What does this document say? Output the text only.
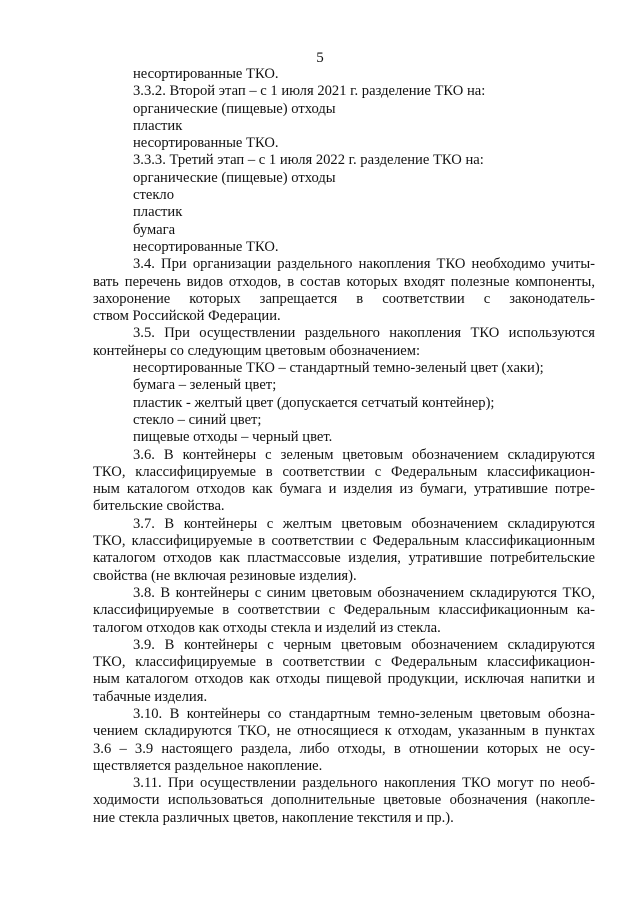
5
несортированные ТКО.
3.3.2. Второй этап – с 1 июля 2021 г. разделение ТКО на:
органические (пищевые) отходы
пластик
несортированные ТКО.
3.3.3. Третий этап – с 1 июля 2022 г. разделение ТКО на:
органические (пищевые) отходы
стекло
пластик
бумага
несортированные ТКО.
3.4. При организации раздельного накопления ТКО необходимо учиты-
вать перечень видов отходов, в состав которых входят полезные компоненты,
захоронение которых запрещается в соответствии с законодатель-
ством Российской Федерации.
3.5. При осуществлении раздельного накопления ТКО используются
контейнеры со следующим цветовым обозначением:
несортированные ТКО – стандартный темно-зеленый цвет (хаки);
бумага – зеленый цвет;
пластик - желтый цвет (допускается сетчатый контейнер);
стекло – синий цвет;
пищевые отходы – черный цвет.
3.6. В контейнеры с зеленым цветовым обозначением складируются
ТКО, классифицируемые в соответствии с Федеральным классификацион-
ным каталогом отходов как бумага и изделия из бумаги, утратившие потре-
бительские свойства.
3.7. В контейнеры с желтым цветовым обозначением складируются
ТКО, классифицируемые в соответствии с Федеральным классификационным
каталогом отходов как пластмассовые изделия, утратившие потребительские
свойства (не включая резиновые изделия).
3.8. В контейнеры с синим цветовым обозначением складируются ТКО,
классифицируемые в соответствии с Федеральным классификационным ка-
талогом отходов как отходы стекла и изделий из стекла.
3.9. В контейнеры с черным цветовым обозначением складируются
ТКО, классифицируемые в соответствии с Федеральным классификацион-
ным каталогом отходов как отходы пищевой продукции, исключая напитки и
табачные изделия.
3.10. В контейнеры со стандартным темно-зеленым цветовым обозна-
чением складируются ТКО, не относящиеся к отходам, указанным в пунктах
3.6 – 3.9 настоящего раздела, либо отходы, в отношении которых не осу-
ществляется раздельное накопление.
3.11. При осуществлении раздельного накопления ТКО могут по необ-
ходимости использоваться дополнительные цветовые обозначения (накопле-
ние стекла различных цветов, накопление текстиля и пр.).
